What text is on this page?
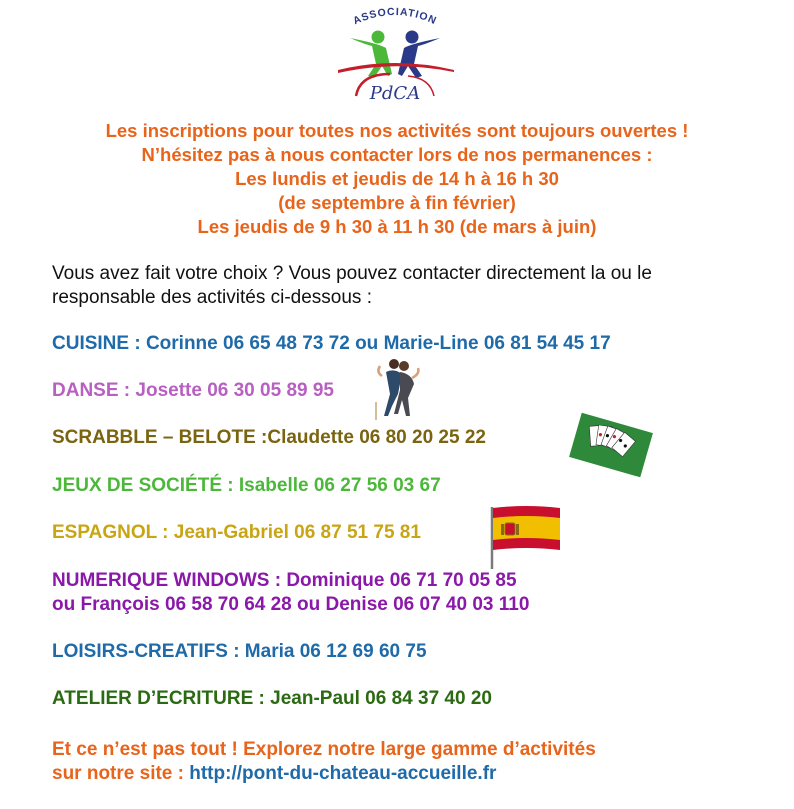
ASSOCIATION
PdCA
Les inscriptions pour toutes nos activités sont toujours ouvertes !
N’hésitez pas à nous contacter lors de nos permanences :
Les lundis et jeudis de 14 h à 16 h 30
(de septembre à fin février)
Les jeudis de 9 h 30 à 11 h 30 (de mars à juin)
Vous avez fait votre choix ? Vous pouvez contacter directement la ou le
responsable des activités ci-dessous :
CUISINE : Corinne 06 65 48 73 72 ou Marie-Line 06 81 54 45 17
DANSE : Josette 06 30 05 89 95
SCRABBLE – BELOTE :Claudette 06 80 20 25 22
JEUX DE SOCIÉTÉ : Isabelle 06 27 56 03 67
ESPAGNOL : Jean-Gabriel 06 87 51 75 81
NUMERIQUE WINDOWS : Dominique 06 71 70 05 85
ou François 06 58 70 64 28 ou Denise 06 07 40 03 110
LOISIRS-CREATIFS : Maria 06 12 69 60 75
ATELIER D’ECRITURE : Jean-Paul 06 84 37 40 20
Et ce n’est pas tout ! Explorez notre large gamme d’activités
sur notre site : http://pont-du-chateau-accueille.fr
